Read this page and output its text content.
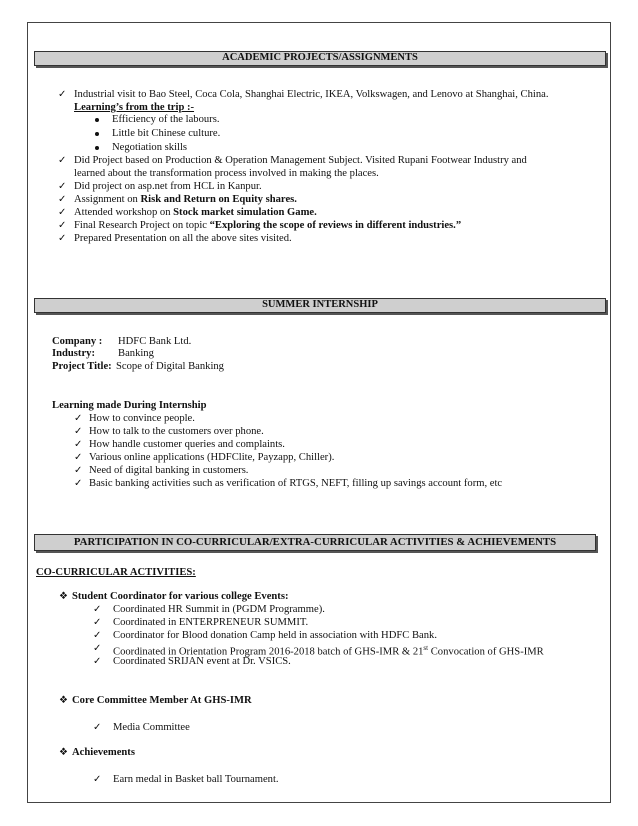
ACADEMIC PROJECTS/ASSIGNMENTS
✓ Industrial visit to Bao Steel, Coca Cola, Shanghai Electric, IKEA, Volkswagen, and Lenovo at Shanghai, China.
Learning’s from the trip :-
Efficiency of the labours.
Little bit Chinese culture.
Negotiation skills
✓ Did Project based on Production & Operation Management Subject. Visited Rupani Footwear Industry and
learned about the transformation process involved in making the places.
✓ Did project on asp.net from HCL in Kanpur.
✓ Assignment on Risk and Return on Equity shares.
✓ Attended workshop on Stock market simulation Game.
✓ Final Research Project on topic “Exploring the scope of reviews in different industries.”
✓ Prepared Presentation on all the above sites visited.
SUMMER INTERNSHIP
Company : HDFC Bank Ltd.
Industry: Banking
Project Title: Scope of Digital Banking
Learning made During Internship
✓ How to convince people.
✓ How to talk to the customers over phone.
✓ How handle customer queries and complaints.
✓ Various online applications (HDFClite, Payzapp, Chiller).
✓ Need of digital banking in customers.
✓ Basic banking activities such as verification of RTGS, NEFT, filling up savings account form, etc
PARTICIPATION IN CO-CURRICULAR/EXTRA-CURRICULAR ACTIVITIES & ACHIEVEMENTS
CO-CURRICULAR ACTIVITIES:
❖ Student Coordinator for various college Events:
✓ Coordinated HR Summit in (PGDM Programme).
✓ Coordinated in ENTERPRENEUR SUMMIT.
✓ Coordinator for Blood donation Camp held in association with HDFC Bank.
✓ Coordinated in Orientation Program 2016-2018 batch of GHS-IMR & 21st Convocation of GHS-IMR
✓ Coordinated SRIJAN event at Dr. VSICS.
❖ Core Committee Member At GHS-IMR
✓ Media Committee
❖ Achievements
✓ Earn medal in Basket ball Tournament.
